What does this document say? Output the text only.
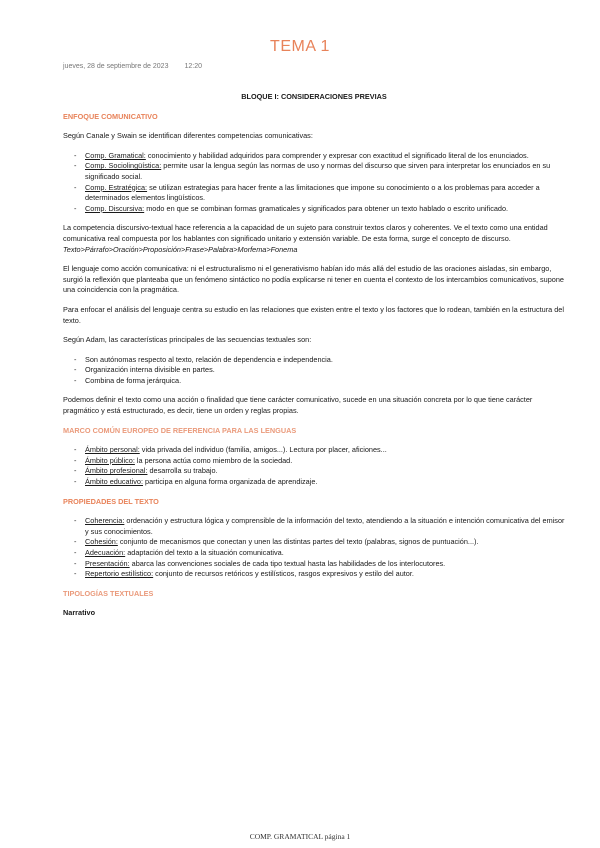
TEMA 1
jueves, 28 de septiembre de 2023 12:20
BLOQUE I: CONSIDERACIONES PREVIAS
ENFOQUE COMUNICATIVO

Según Canale y Swain se identifican diferentes competencias comunicativas:

- Comp. Gramatical: conocimiento y habilidad adquiridos para comprender y expresar con exactitud el significado literal de los enunciados.
- Comp. Sociolingüística: permite usar la lengua según las normas de uso y normas del discurso que sirven para interpretar los enunciados en su significado social.
- Comp. Estratégica: se utilizan estrategias para hacer frente a las limitaciones que impone su conocimiento o a los problemas para acceder a determinados elementos lingüísticos.
- Comp. Discursiva: modo en que se combinan formas gramaticales y significados para obtener un texto hablado o escrito unificado.

La competencia discursivo-textual hace referencia a la capacidad de un sujeto para construir textos claros y coherentes. Ve el texto como una entidad comunicativa real compuesta por los hablantes con significado unitario y extensión variable. De esta forma, surge el concepto de discurso. Texto>Párrafo>Oración>Proposición>Frase>Palabra>Morfema>Fonema

El lenguaje como acción comunicativa: ni el estructuralismo ni el generativismo habían ido más allá del estudio de las oraciones aisladas, sin embargo, surgió la reflexión que planteaba que un fenómeno sintáctico no podía explicarse ni tener en cuenta el contexto de los intercambios comunicativos, supone una coincidencia con la pragmática.

Para enfocar el análisis del lenguaje centra su estudio en las relaciones que existen entre el texto y los factores que lo rodean, también en la estructura del texto.

Según Adam, las características principales de las secuencias textuales son:

- Son autónomas respecto al texto, relación de dependencia e independencia.
- Organización interna divisible en partes.
- Combina de forma jerárquica.

Podemos definir el texto como una acción o finalidad que tiene carácter comunicativo, sucede en una situación concreta por lo que tiene carácter pragmático y está estructurado, es decir, tiene un orden y reglas propias.

MARCO COMÚN EUROPEO DE REFERENCIA PARA LAS LENGUAS
- Ámbito personal: vida privada del individuo (familia, amigos...). Lectura por placer, aficiones...
- Ámbito público: la persona actúa como miembro de la sociedad.
- Ámbito profesional: desarrolla su trabajo.
- Ámbito educativo: participa en alguna forma organizada de aprendizaje.
PROPIEDADES DEL TEXTO
- Coherencia: ordenación y estructura lógica y comprensible de la información del texto, atendiendo a la situación e intención comunicativa del emisor y sus conocimientos.
- Cohesión: conjunto de mecanismos que conectan y unen las distintas partes del texto (palabras, signos de puntuación...).
- Adecuación: adaptación del texto a la situación comunicativa.
- Presentación: abarca las convenciones sociales de cada tipo textual hasta las habilidades de los interlocutores.
- Repertorio estilístico: conjunto de recursos retóricos y estilísticos, rasgos expresivos y estilo del autor.
TIPOLOGÍAS TEXTUALES

Narrativo

COMP. GRAMATICAL página 1
